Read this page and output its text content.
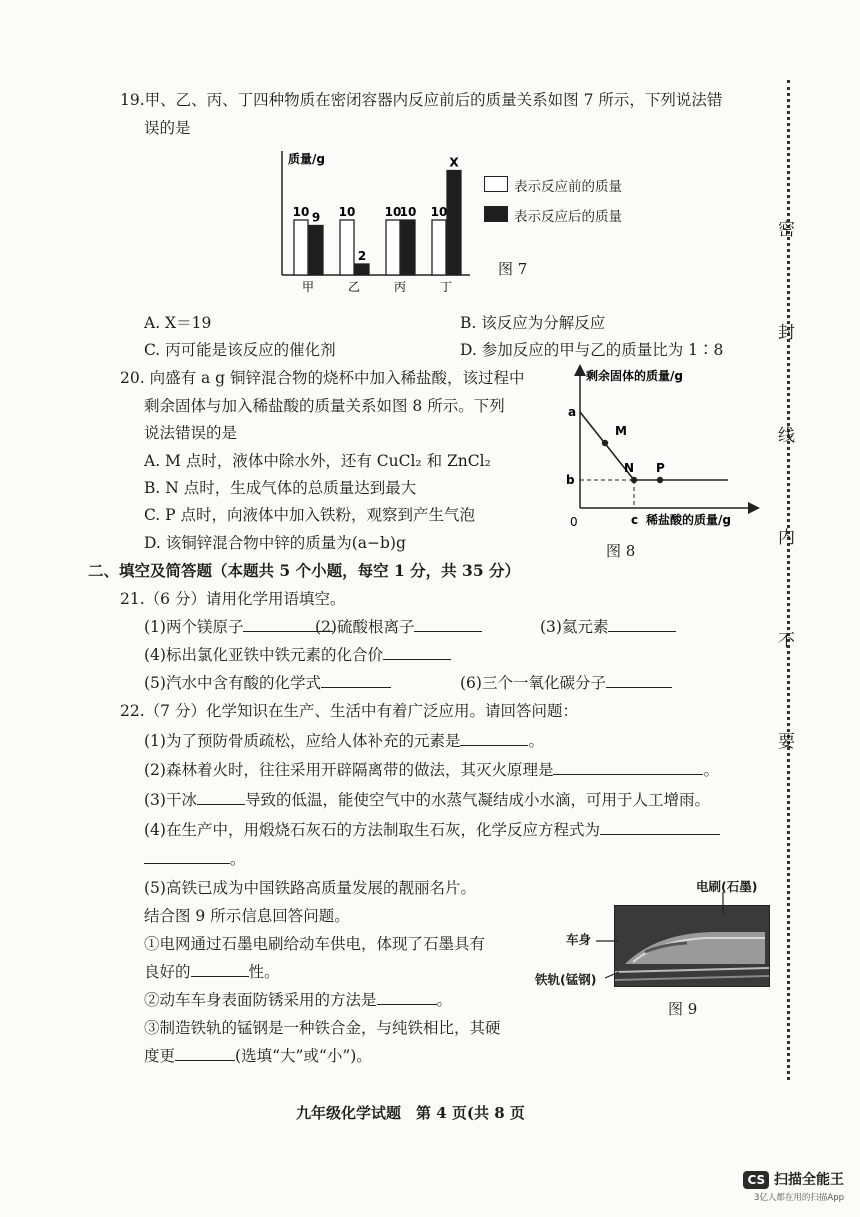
密
封
线
内
不
要
19.甲、乙、丙、丁四种物质在密闭容器内反应前后的质量关系如图 7 所示，下列说法错
误的是
质量/g
10 9
甲
10
2
乙
10
10
丙
10
X
丁
表示反应前的质量
表示反应后的质量
图 7
A. X＝19	B. 该反应为分解反应
C. 丙可能是该反应的催化剂	D. 参加反应的甲与乙的质量比为 1∶8
20. 向盛有 a g 铜锌混合物的烧杯中加入稀盐酸，该过程中
剩余固体与加入稀盐酸的质量关系如图 8 所示。下列
说法错误的是
A. M 点时，液体中除水外，还有 CuCl₂ 和 ZnCl₂
B. N 点时，生成气体的总质量达到最大
C. P 点时，向液体中加入铁粉，观察到产生气泡
D. 该铜锌混合物中锌的质量为(a−b)g
剩余固体的质量/g
稀盐酸的质量/g
0
a
b
c
M
N P
图 8
二、填空及简答题（本题共 5 个小题，每空 1 分，共 35 分）
21.（6 分）请用化学用语填空。
(1)两个镁原子	(2)硫酸根离子	(3)氦元素
(4)标出氯化亚铁中铁元素的化合价
(5)汽水中含有酸的化学式	(6)三个一氧化碳分子
22.（7 分）化学知识在生产、生活中有着广泛应用。请回答问题：
(1)为了预防骨质疏松，应给人体补充的元素是	。
(2)森林着火时，往往采用开辟隔离带的做法，其灭火原理是	。
(3)干冰	导致的低温，能使空气中的水蒸气凝结成小水滴，可用于人工增雨。
(4)在生产中，用煅烧石灰石的方法制取生石灰，化学反应方程式为
。
(5)高铁已成为中国铁路高质量发展的靓丽名片。
结合图 9 所示信息回答问题。
①电网通过石墨电刷给动车供电，体现了石墨具有
良好的	性。
②动车车身表面防锈采用的方法是	。
③制造铁轨的锰钢是一种铁合金，与纯铁相比，其硬
度更	(选填“大”或“小”)。
电刷(石墨)
车身
铁轨(锰钢)
图 9
九年级化学试题　第 4 页(共 8 页
CS 扫描全能王
3亿人都在用的扫描App
